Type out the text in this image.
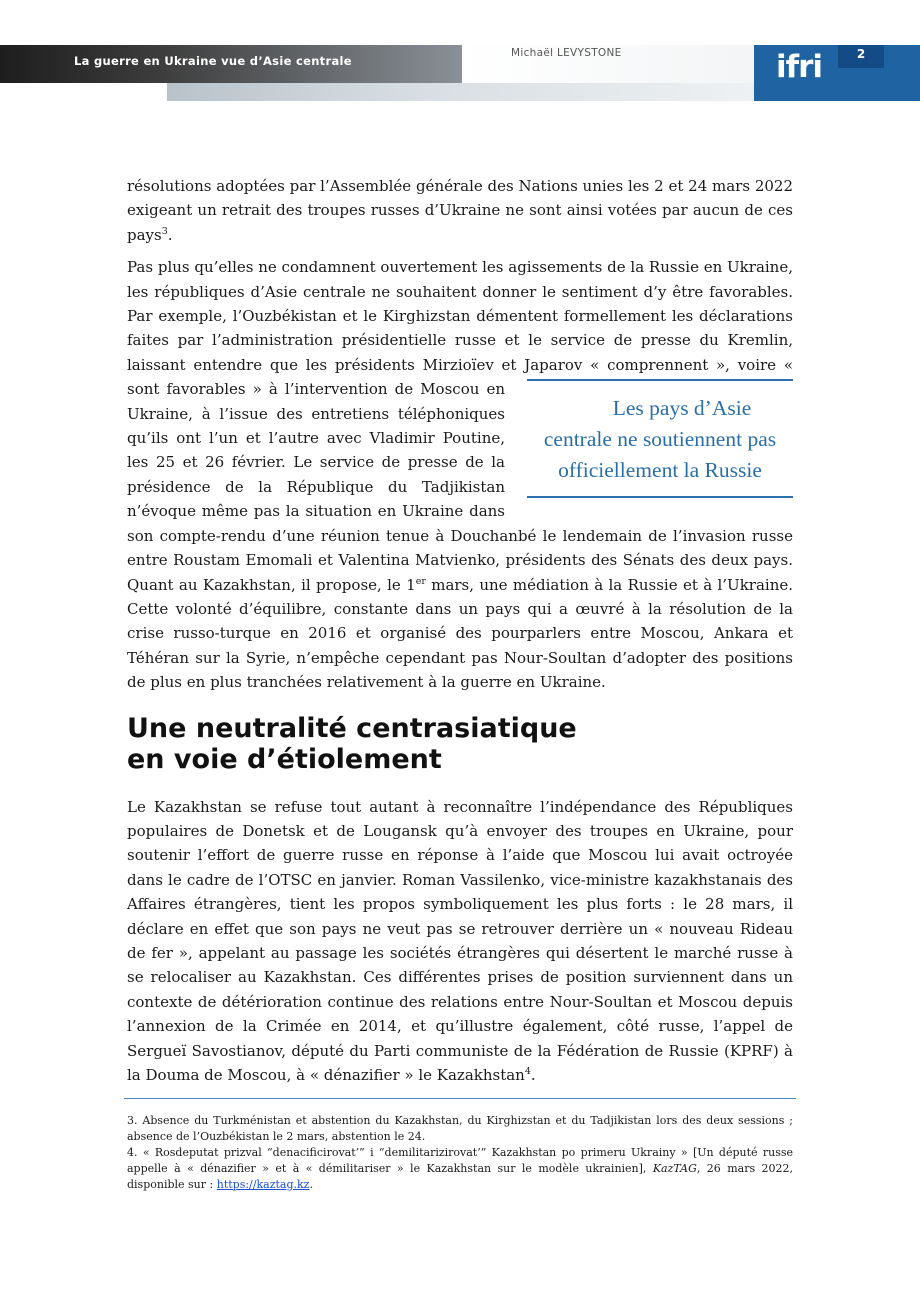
La guerre en Ukraine vue d’Asie centrale
Michaël LEVYSTONE	2
ifri

résolutions adoptées par l’Assemblée générale des Nations unies les 2 et 24 mars 2022 exigeant un retrait des troupes russes d’Ukraine ne sont ainsi votées par aucun de ces pays$^3$.

Pas plus qu’elles ne condamnent ouvertement les agissements de la Russie en Ukraine, les républiques d’Asie centrale ne souhaitent donner le sentiment d’y être favorables. Par exemple, l’Ouzbékistan et le Kirghizstan démentent formellement les déclarations faites par l’administration présidentielle russe et le service de presse du Kremlin, laissant entendre que les présidents Mirzioïev et Japarov « comprennent », voire
Les pays d’Asie centrale ne soutiennent pas officiellement la Russie
« sont favorables » à l’intervention de Moscou en Ukraine, à l’issue des entretiens téléphoniques qu’ils ont l’un et l’autre avec Vladimir Poutine, les 25 et 26 février. Le service de presse de la présidence de la République du Tadjikistan n’évoque même pas la situation en Ukraine dans son compte-rendu d’une réunion tenue à Douchanbé le lendemain de l’invasion russe entre Roustam Emomali et Valentina Matvienko, présidents des Sénats des deux pays. Quant au Kazakhstan, il propose, le 1er mars, une médiation à la Russie et à l’Ukraine. Cette volonté d’équilibre, constante dans un pays qui a œuvré à la résolution de la crise russo-turque en 2016 et organisé des pourparlers entre Moscou, Ankara et Téhéran sur la Syrie, n’empêche cependant pas Nour-Soultan d’adopter des positions de plus en plus tranchées relativement à la guerre en Ukraine.

Une neutralité centrasiatique
en voie d’étiolement

Le Kazakhstan se refuse tout autant à reconnaître l’indépendance des Républiques populaires de Donetsk et de Lougansk qu’à envoyer des troupes en Ukraine, pour soutenir l’effort de guerre russe en réponse à l’aide que Moscou lui avait octroyée dans le cadre de l’OTSC en janvier. Roman Vassilenko, vice-ministre kazakhstanais des Affaires étrangères, tient les propos symboliquement les plus forts : le 28 mars, il déclare en effet que son pays ne veut pas se retrouver derrière un « nouveau Rideau de fer », appelant au passage les sociétés étrangères qui désertent le marché russe à se relocaliser au Kazakhstan. Ces différentes prises de position surviennent dans un contexte de détérioration continue des relations entre Nour-Soultan et Moscou depuis l’annexion de la Crimée en 2014, et qu’illustre également, côté russe, l’appel de Sergueï Savostianov, député du Parti communiste de la Fédération de Russie (KPRF) à la Douma de Moscou, à « dénazifier » le Kazakhstan$^4$.

3. Absence du Turkménistan et abstention du Kazakhstan, du Kirghizstan et du Tadjikistan lors des deux sessions ; absence de l’Ouzbékistan le 2 mars, abstention le 24.

4. « Rosdeputat prizval “denacificirovat’” i “demilitarizirovat’” Kazakhstan po primeru Ukrainy » [Un député russe appelle à « dénazifier » et à « démilitariser » le Kazakhstan sur le modèle ukrainien], KazTAG, 26 mars 2022, disponible sur : https://kaztag.kz.
